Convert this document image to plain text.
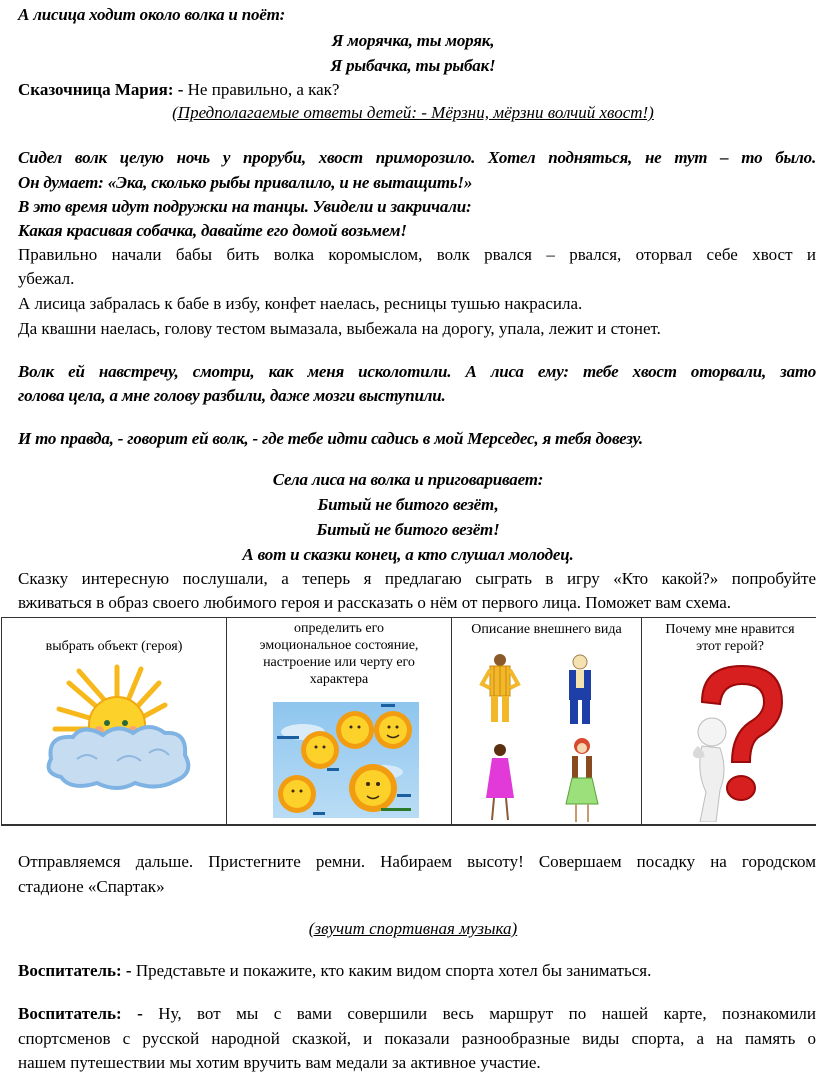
А лисица ходит около волка и поёт:
Я морячка, ты моряк,
Я рыбачка, ты рыбак!
Сказочница Мария: - Не правильно, а как?
(Предполагаемые ответы детей: - Мёрзни, мёрзни волчий хвост!)
Сидел волк целую ночь у проруби, хвост приморозило. Хотел подняться, не тут – то было.
Он думает: «Эка, сколько рыбы привалило, и не вытащить!»
В это время идут подружки на танцы. Увидели и закричали:
Какая красивая собачка, давайте его домой возьмем!
Правильно начали бабы бить волка коромыслом, волк рвался – рвался, оторвал себе хвост и
убежал.
А лисица забралась к бабе в избу, конфет наелась, ресницы тушью накрасила.
Да квашни наелась, голову тестом вымазала, выбежала на дорогу, упала, лежит и стонет.
Волк ей навстречу, смотри, как меня исколотили. А лиса ему: тебе хвост оторвали, зато
голова цела, а мне голову разбили, даже мозги выступили.
И то правда, - говорит ей волк, - где тебе идти садись в мой Мерседес, я тебя довезу.
Села лиса на волка и приговаривает:
Битый не битого везёт,
Битый не битого везёт!
А вот и сказки конец, а кто слушал молодец.
Сказку интересную послушали, а теперь я предлагаю сыграть в игру «Кто какой?» попробуйте
вживаться в образ своего любимого героя и рассказать о нём от первого лица. Поможет вам схема.
выбрать объект (героя)
определить его
эмоциональное состояние,
настроение или черту его
характера
Описание внешнего вида	Почему мне нравится
этот герой?
Отправляемся дальше. Пристегните ремни. Набираем высоту! Совершаем посадку на городском
стадионе «Спартак»
(звучит спортивная музыка)
Воспитатель: - Представьте и покажите, кто каким видом спорта хотел бы заниматься.
Воспитатель: - Ну, вот мы с вами совершили весь маршрут по нашей карте, познакомили
спортсменов с русской народной сказкой, и показали разнообразные виды спорта, а на память о
нашем путешествии мы хотим вручить вам медали за активное участие.
